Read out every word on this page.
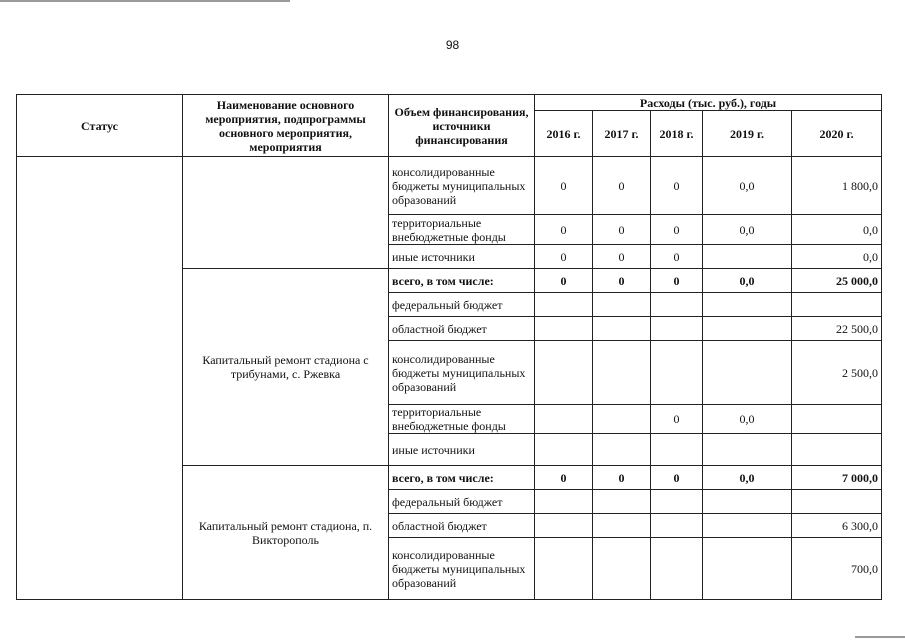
98
Статус	Наименование основного мероприятия, подпрограммы основного мероприятия, мероприятия	Объем финансирования, источники финансирования	Расходы (тыс. руб.), годы				
			2016 г.	2017 г.	2018 г.	2019 г.	2020 г.
		консолидированные бюджеты муниципальных образований	0	0	0	0,0	1 800,0
		территориальные внебюджетные фонды	0	0	0	0,0	0,0
		иные источники	0	0	0		0,0
	Капитальный ремонт стадиона с трибунами, с. Ржевка	всего, в том числе:	0	0	0	0,0	25 000,0
		федеральный бюджет					
		областной бюджет					22 500,0
		консолидированные бюджеты муниципальных образований					2 500,0
		территориальные внебюджетные фонды			0	0,0	
		иные источники					
	Капитальный ремонт стадиона, п. Викторополь	всего, в том числе:	0	0	0	0,0	7 000,0
		федеральный бюджет					
		областной бюджет					6 300,0
		консолидированные бюджеты муниципальных образований					700,0
